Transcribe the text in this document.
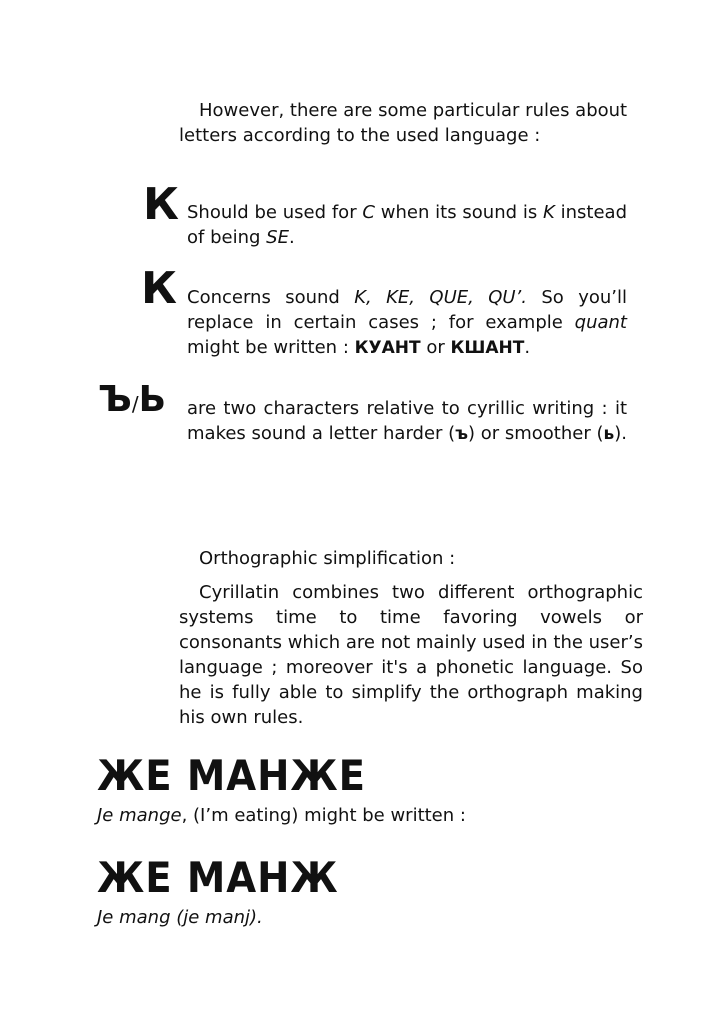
However, there are some particular rules about
letters according to the used language :

К Should be used for C when its sound is K instead of being SE.

К Concerns sound K, KE, QUE, QU’. So you’ll replace in certain cases ; for example quant might be written : КУАНТ or КШАНТ.

Ъ/Ь are two characters relative to cyrillic writing : it makes sound a letter harder (ъ) or smoother (ь).

Orthographic simplification :

Cyrillatin combines two different orthographic systems time to time favoring vowels or consonants which are not mainly used in the user’s language ; moreover it's a phonetic language. So he is fully able to simplify the orthograph making his own rules.

ЖЕ МАНЖЕ
Je mange, (I’m eating) might be written :
ЖЕ МАНЖ
Je mang (je manj).
